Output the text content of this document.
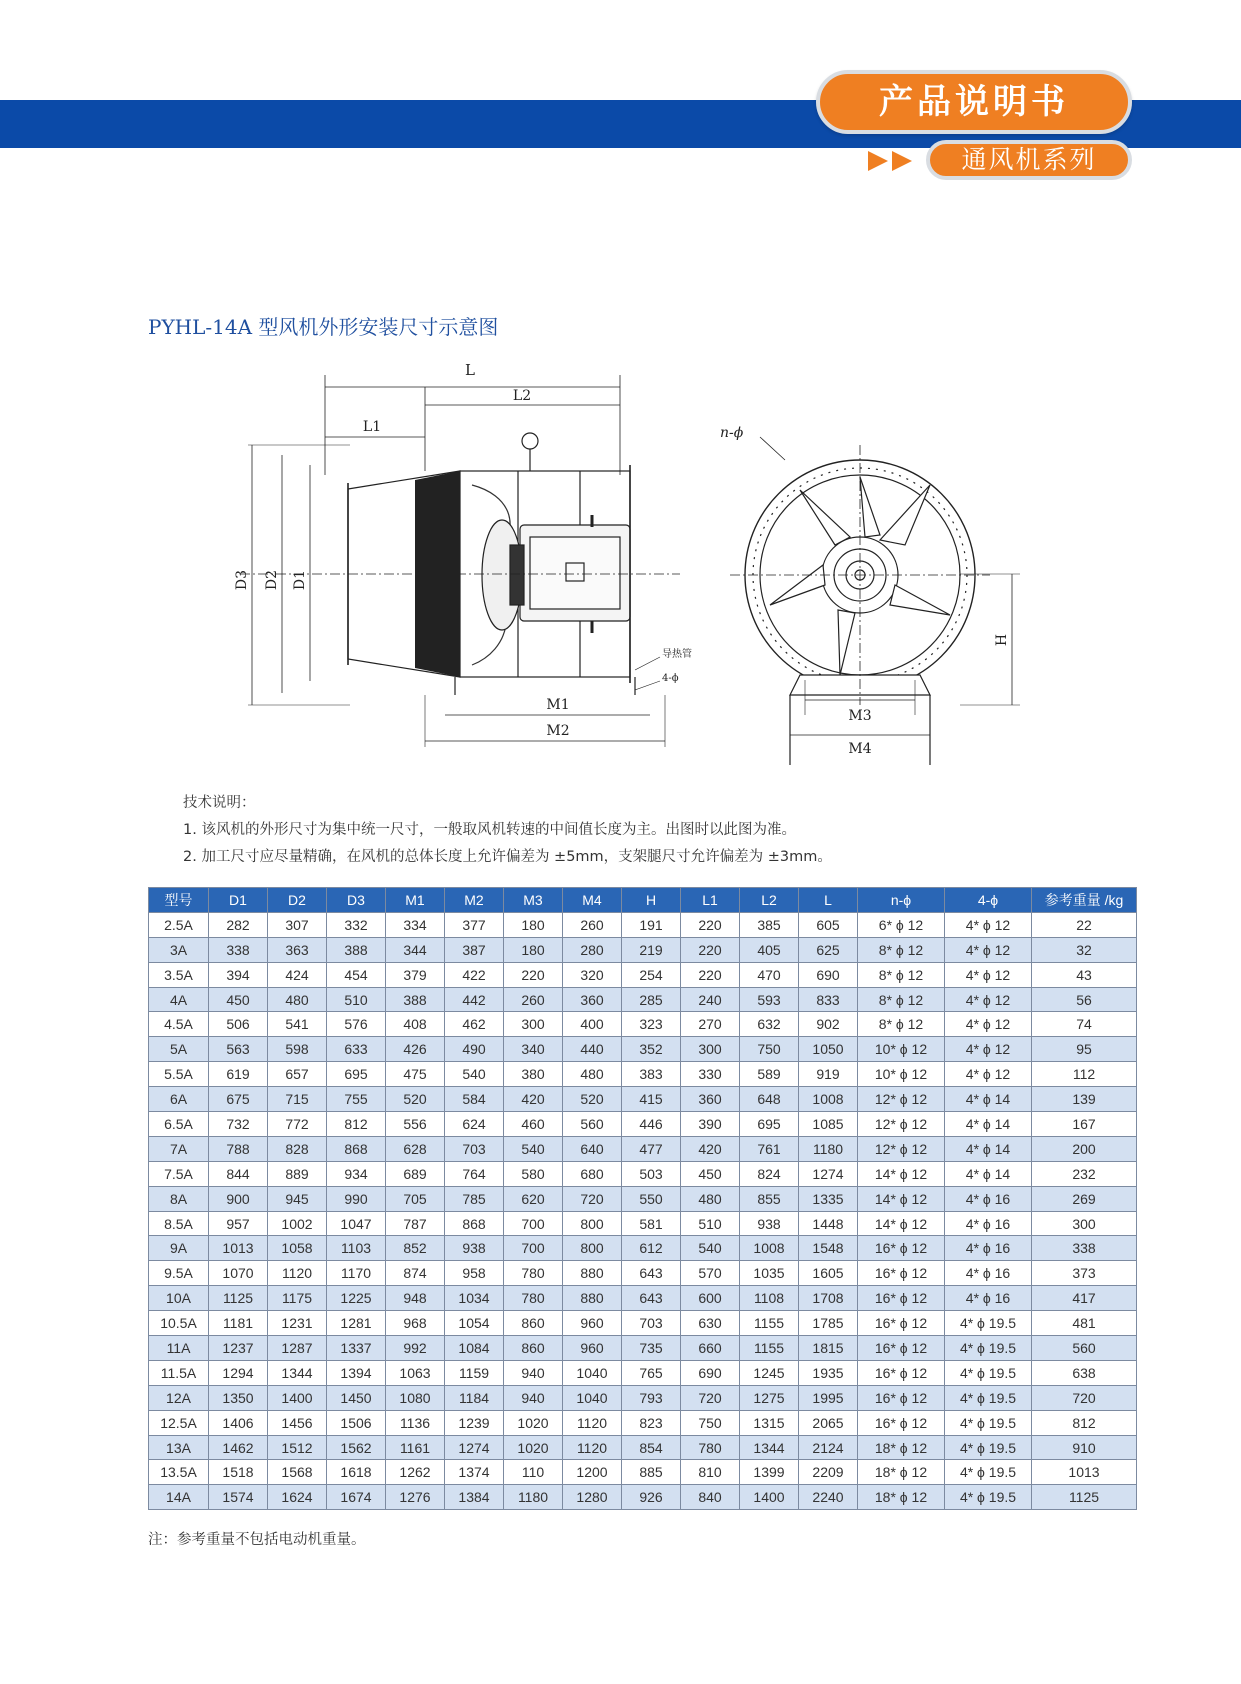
产品说明书
通风机系列
PYHL-14A 型风机外形安装尺寸示意图
L
L2
L1
D3 D2 D1
M1
M2
导热管
4-ϕ
n-ϕ
M3
M4
H
技术说明：
1. 该风机的外形尺寸为集中统一尺寸，一般取风机转速的中间值长度为主。出图时以此图为准。
2. 加工尺寸应尽量精确，在风机的总体长度上允许偏差为 ±5mm，支架腿尺寸允许偏差为 ±3mm。
型号	D1	D2	D3	M1	M2	M3	M4	H	L1	L2	L	n-ϕ	4-ϕ	参考重量 /kg
2.5A	282	307	332	334	377	180	260	191	220	385	605	6* ϕ 12	4* ϕ 12	22
3A	338	363	388	344	387	180	280	219	220	405	625	8* ϕ 12	4* ϕ 12	32
3.5A	394	424	454	379	422	220	320	254	220	470	690	8* ϕ 12	4* ϕ 12	43
4A	450	480	510	388	442	260	360	285	240	593	833	8* ϕ 12	4* ϕ 12	56
4.5A	506	541	576	408	462	300	400	323	270	632	902	8* ϕ 12	4* ϕ 12	74
5A	563	598	633	426	490	340	440	352	300	750	1050	10* ϕ 12	4* ϕ 12	95
5.5A	619	657	695	475	540	380	480	383	330	589	919	10* ϕ 12	4* ϕ 12	112
6A	675	715	755	520	584	420	520	415	360	648	1008	12* ϕ 12	4* ϕ 14	139
6.5A	732	772	812	556	624	460	560	446	390	695	1085	12* ϕ 12	4* ϕ 14	167
7A	788	828	868	628	703	540	640	477	420	761	1180	12* ϕ 12	4* ϕ 14	200
7.5A	844	889	934	689	764	580	680	503	450	824	1274	14* ϕ 12	4* ϕ 14	232
8A	900	945	990	705	785	620	720	550	480	855	1335	14* ϕ 12	4* ϕ 16	269
8.5A	957	1002	1047	787	868	700	800	581	510	938	1448	14* ϕ 12	4* ϕ 16	300
9A	1013	1058	1103	852	938	700	800	612	540	1008	1548	16* ϕ 12	4* ϕ 16	338
9.5A	1070	1120	1170	874	958	780	880	643	570	1035	1605	16* ϕ 12	4* ϕ 16	373
10A	1125	1175	1225	948	1034	780	880	643	600	1108	1708	16* ϕ 12	4* ϕ 16	417
10.5A	1181	1231	1281	968	1054	860	960	703	630	1155	1785	16* ϕ 12	4* ϕ 19.5	481
11A	1237	1287	1337	992	1084	860	960	735	660	1155	1815	16* ϕ 12	4* ϕ 19.5	560
11.5A	1294	1344	1394	1063	1159	940	1040	765	690	1245	1935	16* ϕ 12	4* ϕ 19.5	638
12A	1350	1400	1450	1080	1184	940	1040	793	720	1275	1995	16* ϕ 12	4* ϕ 19.5	720
12.5A	1406	1456	1506	1136	1239	1020	1120	823	750	1315	2065	16* ϕ 12	4* ϕ 19.5	812
13A	1462	1512	1562	1161	1274	1020	1120	854	780	1344	2124	18* ϕ 12	4* ϕ 19.5	910
13.5A	1518	1568	1618	1262	1374	110	1200	885	810	1399	2209	18* ϕ 12	4* ϕ 19.5	1013
14A	1574	1624	1674	1276	1384	1180	1280	926	840	1400	2240	18* ϕ 12	4* ϕ 19.5	1125
注：参考重量不包括电动机重量。
